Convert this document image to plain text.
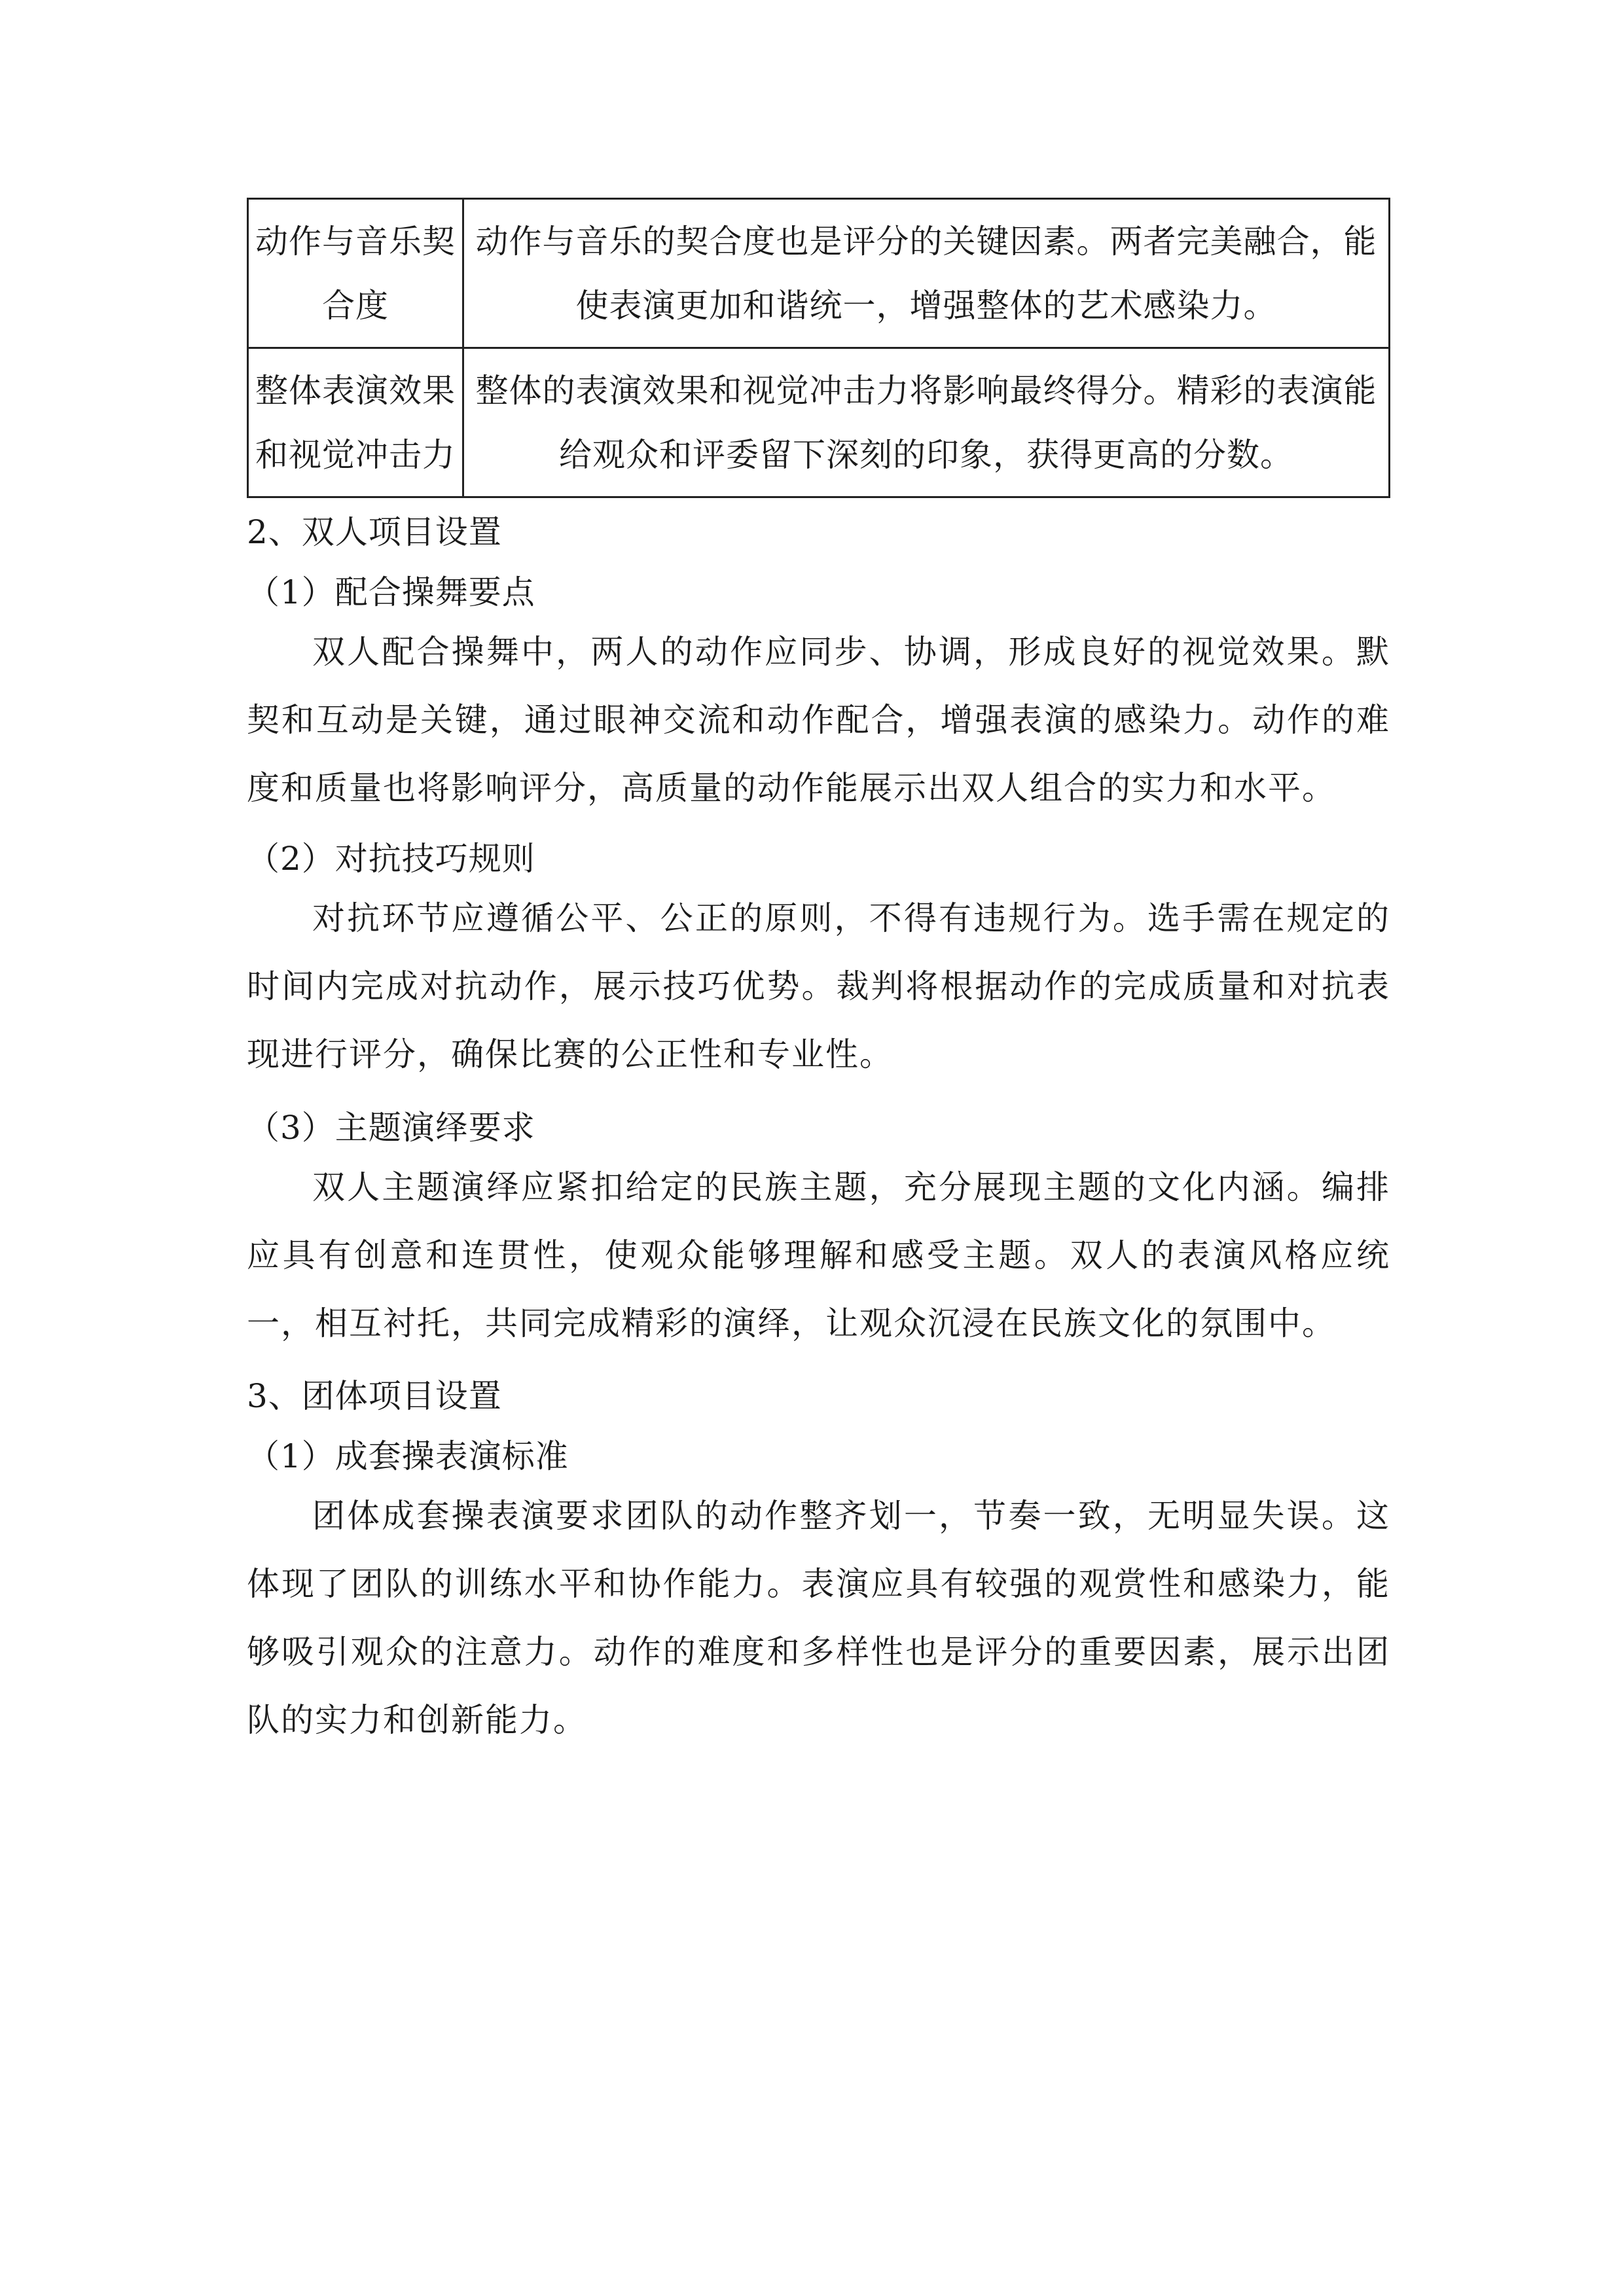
动作与音乐契合度	动作与音乐的契合度也是评分的关键因素。两者完美融合，能使表演更加和谐统一，增强整体的艺术感染力。
整体表演效果和视觉冲击力	整体的表演效果和视觉冲击力将影响最终得分。精彩的表演能给观众和评委留下深刻的印象，获得更高的分数。
2、双人项目设置
（1）配合操舞要点
双人配合操舞中，两人的动作应同步、协调，形成良好的视觉效果。默契和互动是关键，通过眼神交流和动作配合，增强表演的感染力。动作的难度和质量也将影响评分，高质量的动作能展示出双人组合的实力和水平。
（2）对抗技巧规则
对抗环节应遵循公平、公正的原则，不得有违规行为。选手需在规定的时间内完成对抗动作，展示技巧优势。裁判将根据动作的完成质量和对抗表现进行评分，确保比赛的公正性和专业性。
（3）主题演绎要求
双人主题演绎应紧扣给定的民族主题，充分展现主题的文化内涵。编排应具有创意和连贯性，使观众能够理解和感受主题。双人的表演风格应统一，相互衬托，共同完成精彩的演绎，让观众沉浸在民族文化的氛围中。
3、团体项目设置
（1）成套操表演标准
团体成套操表演要求团队的动作整齐划一，节奏一致，无明显失误。这体现了团队的训练水平和协作能力。表演应具有较强的观赏性和感染力，能够吸引观众的注意力。动作的难度和多样性也是评分的重要因素，展示出团队的实力和创新能力。
